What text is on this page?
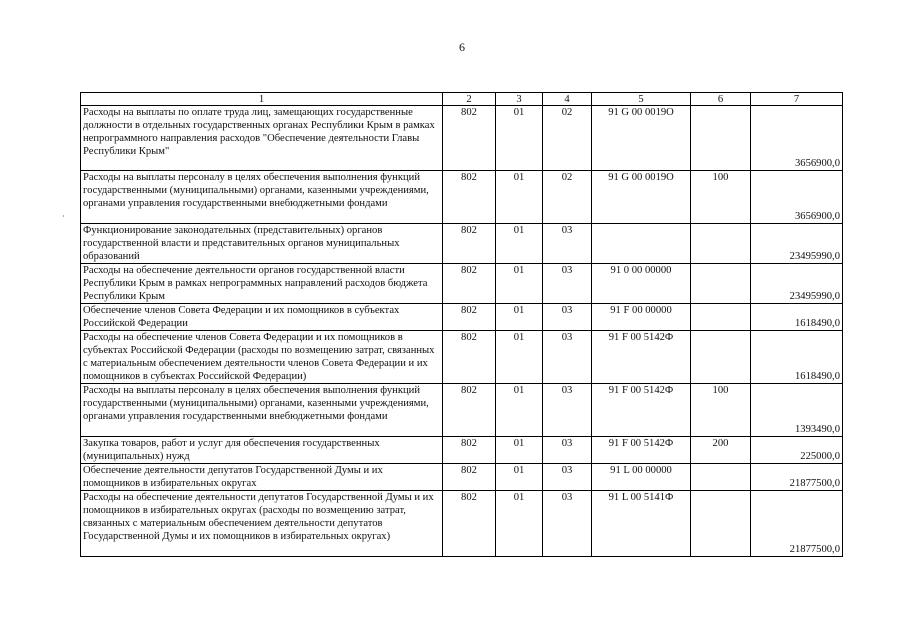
6
·
1	2	3	4	5	6	7
Расходы на выплаты по оплате труда лиц, замещающих государственные должности в отдельных государственных органах Республики Крым в рамках непрограммного направления расходов "Обеспечение деятельности Главы Республики Крым"	802	01	02	91 G 00 0019О		3656900,0
Расходы на выплаты персоналу в целях обеспечения выполнения функций государственными (муниципальными) органами, казенными учреждениями, органами управления государственными внебюджетными фондами	802	01	02	91 G 00 0019О	100	3656900,0
Функционирование законодательных (представительных) органов государственной власти и представительных органов муниципальных образований	802	01	03			23495990,0
Расходы на обеспечение деятельности органов государственной власти Республики Крым в рамках непрограммных направлений расходов бюджета Республики Крым	802	01	03	91 0 00 00000		23495990,0
Обеспечение членов Совета Федерации и их помощников в субъектах Российской Федерации	802	01	03	91 F 00 00000		1618490,0
Расходы на обеспечение членов Совета Федерации и их помощников в субъектах Российской Федерации (расходы по возмещению затрат, связанных с материальным обеспечением деятельности членов Совета Федерации и их помощников в субъектах Российской Федерации)	802	01	03	91 F 00 5142Ф		1618490,0
Расходы на выплаты персоналу в целях обеспечения выполнения функций государственными (муниципальными) органами, казенными учреждениями, органами управления государственными внебюджетными фондами	802	01	03	91 F 00 5142Ф	100	1393490,0
Закупка товаров, работ и услуг для обеспечения государственных (муниципальных) нужд	802	01	03	91 F 00 5142Ф	200	225000,0
Обеспечение деятельности депутатов Государственной Думы и их помощников в избирательных округах	802	01	03	91 L 00 00000		21877500,0
Расходы на обеспечение деятельности депутатов Государственной Думы и их помощников в избирательных округах (расходы по возмещению затрат, связанных с материальным обеспечением деятельности депутатов Государственной Думы и их помощников в избирательных округах)	802	01	03	91 L 00 5141Ф		21877500,0
